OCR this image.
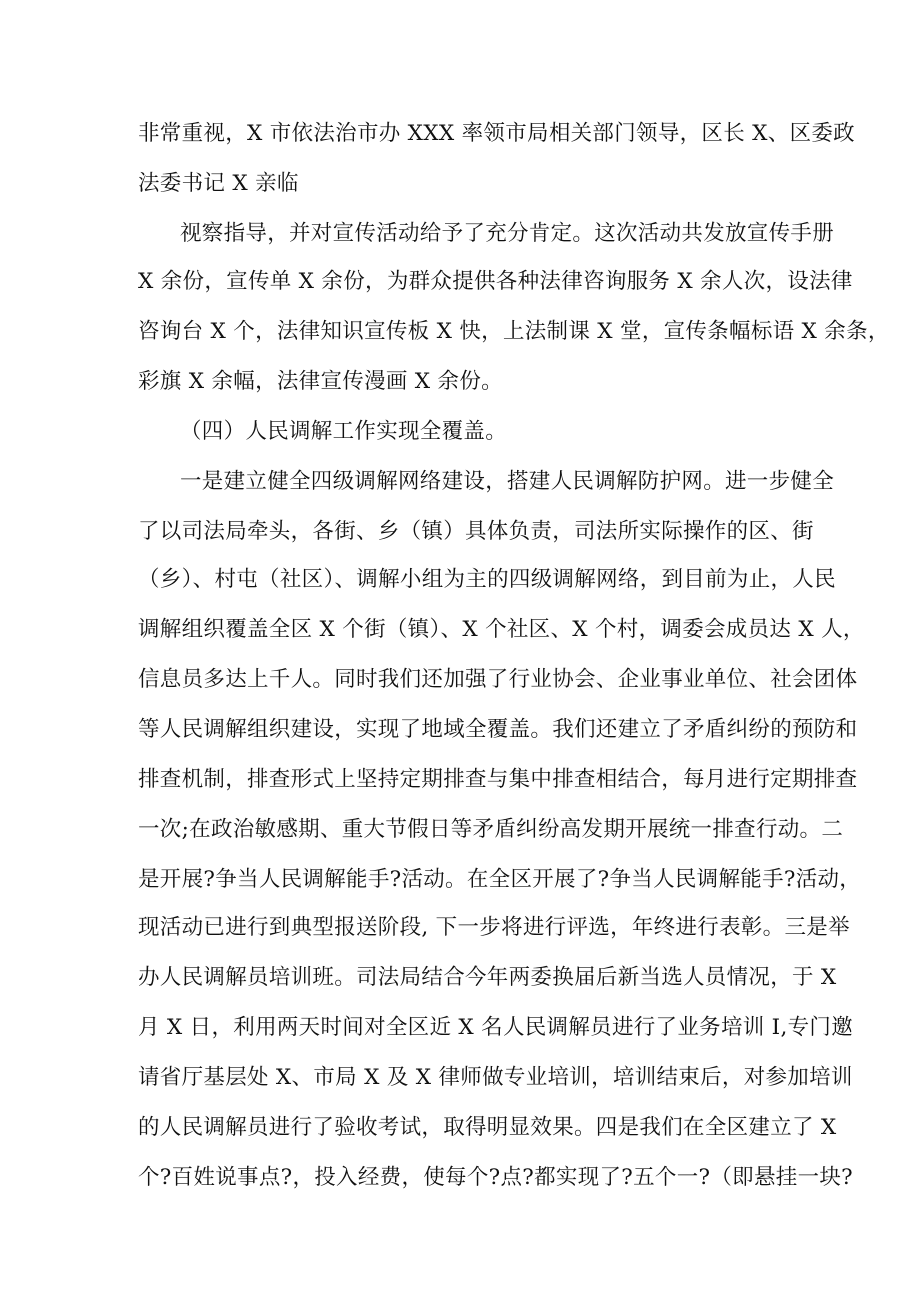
非常重视，X 市依法治市办 XXX 率领市局相关部门领导，区长 X、区委政
法委书记 X 亲临
视察指导，并对宣传活动给予了充分肯定。这次活动共发放宣传手册
X 余份，宣传单 X 余份，为群众提供各种法律咨询服务 X 余人次，设法律
咨询台 X 个，法律知识宣传板 X 快，上法制课 X 堂，宣传条幅标语 X 余条，
彩旗 X 余幅，法律宣传漫画 X 余份。
（四）人民调解工作实现全覆盖。
一是建立健全四级调解网络建设，搭建人民调解防护网。进一步健全
了以司法局牵头，各街、乡（镇）具体负责，司法所实际操作的区、街
（乡）、村屯（社区）、调解小组为主的四级调解网络，到目前为止，人民
调解组织覆盖全区 X 个街（镇）、X 个社区、X 个村，调委会成员达 X 人，
信息员多达上千人。同时我们还加强了行业协会、企业事业单位、社会团体
等人民调解组织建设，实现了地域全覆盖。我们还建立了矛盾纠纷的预防和
排查机制，排查形式上坚持定期排查与集中排查相结合，每月进行定期排查
一次;在政治敏感期、重大节假日等矛盾纠纷高发期开展统一排查行动。二
是开展?争当人民调解能手?活动。在全区开展了?争当人民调解能手?活动，
现活动已进行到典型报送阶段, 下一步将进行评选，年终进行表彰。三是举
办人民调解员培训班。司法局结合今年两委换届后新当选人员情况，于 X
月 X 日，利用两天时间对全区近 X 名人民调解员进行了业务培训 I,专门邀
请省厅基层处 X、市局 X 及 X 律师做专业培训，培训结束后，对参加培训
的人民调解员进行了验收考试，取得明显效果。四是我们在全区建立了 X
个?百姓说事点?，投入经费，使每个?点?都实现了?五个一?（即悬挂一块?
